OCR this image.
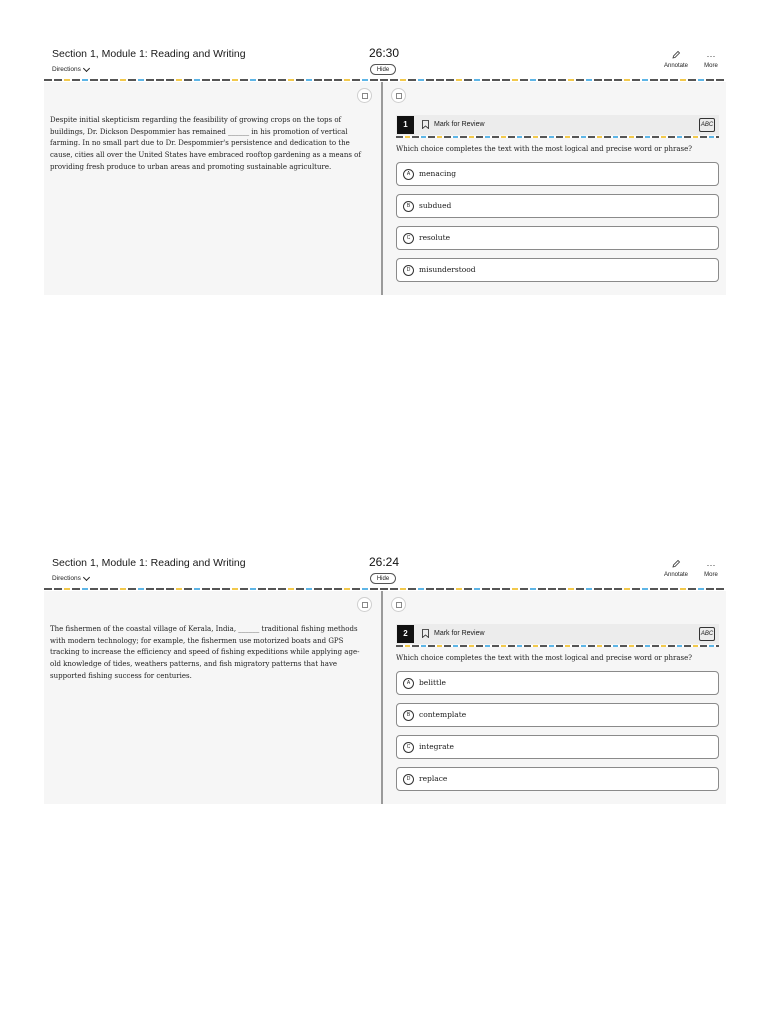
Section 1, Module 1: Reading and Writing
Directions
26:30
Hide
Annotate
···
More
Despite initial skepticism regarding the feasibility of growing crops on the tops of buildings, Dr. Dickson Despommier has remained ______ in his promotion of vertical farming. In no small part due to Dr. Despommier's persistence and dedication to the cause, cities all over the United States have embraced rooftop gardening as a means of providing fresh produce to urban areas and promoting sustainable agriculture.
1	Mark for Review	ABC
Which choice completes the text with the most logical and precise word or phrase?
A	menacing
B	subdued
C	resolute
D	misunderstood
Section 1, Module 1: Reading and Writing
Directions
26:24
Hide
Annotate
···
More
The fishermen of the coastal village of Kerala, India, ______ traditional fishing methods with modern technology; for example, the fishermen use motorized boats and GPS tracking to increase the efficiency and speed of fishing expeditions while applying age-old knowledge of tides, weathers patterns, and fish migratory patterns that have supported fishing success for centuries.
2	Mark for Review	ABC
Which choice completes the text with the most logical and precise word or phrase?
A	belittle
B	contemplate
C	integrate
D	replace
